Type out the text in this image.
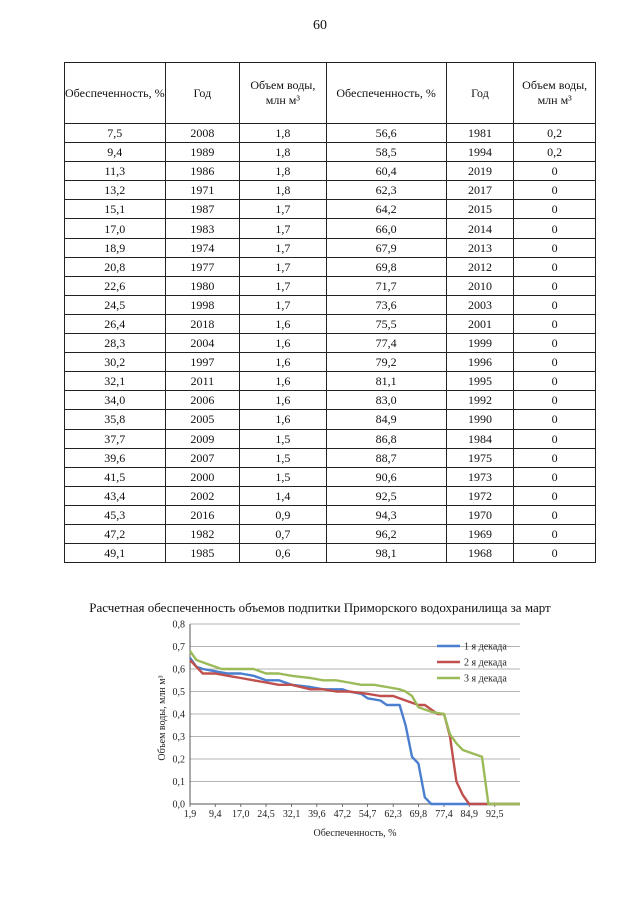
60
Обеспеченность, %	Год	Объем воды, млн м³	Обеспеченность, %	Год	Объем воды, млн м³
7,5	2008	1,8	56,6	1981	0,2
9,4	1989	1,8	58,5	1994	0,2
11,3	1986	1,8	60,4	2019	0
13,2	1971	1,8	62,3	2017	0
15,1	1987	1,7	64,2	2015	0
17,0	1983	1,7	66,0	2014	0
18,9	1974	1,7	67,9	2013	0
20,8	1977	1,7	69,8	2012	0
22,6	1980	1,7	71,7	2010	0
24,5	1998	1,7	73,6	2003	0
26,4	2018	1,6	75,5	2001	0
28,3	2004	1,6	77,4	1999	0
30,2	1997	1,6	79,2	1996	0
32,1	2011	1,6	81,1	1995	0
34,0	2006	1,6	83,0	1992	0
35,8	2005	1,6	84,9	1990	0
37,7	2009	1,5	86,8	1984	0
39,6	2007	1,5	88,7	1975	0
41,5	2000	1,5	90,6	1973	0
43,4	2002	1,4	92,5	1972	0
45,3	2016	0,9	94,3	1970	0
47,2	1982	0,7	96,2	1969	0
49,1	1985	0,6	98,1	1968	0
Расчетная обеспеченность объемов подпитки Приморского водохранилища за март
0,0
0,1
0,2
0,3
0,4
0,5
0,6
0,7
0,8
1,9 9,4 17,0 24,5 32,1 39,6 47,2 54,7 62,3 69,8 77,4 84,9 92,5
1 я декада
2 я декада
3 я декада
Объем воды, млн м³
Обеспеченность, %
